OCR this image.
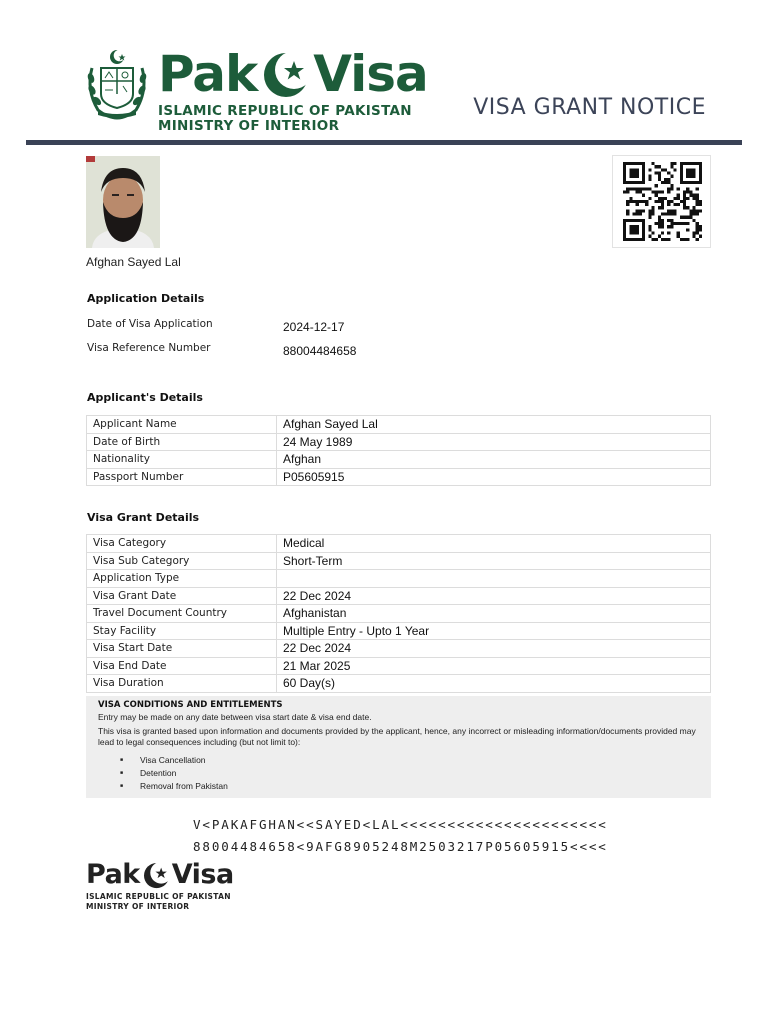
Pak Visa
ISLAMIC REPUBLIC OF PAKISTAN
MINISTRY OF INTERIOR
VISA GRANT NOTICE
Afghan Sayed Lal
Application Details
Date of Visa Application	2024-12-17
Visa Reference Number	88004484658
Applicant's Details
Applicant Name	Afghan Sayed Lal
Date of Birth	24 May 1989
Nationality	Afghan
Passport Number	P05605915
Visa Grant Details
Visa Category	Medical
Visa Sub Category	Short-Term
Application Type	
Visa Grant Date	22 Dec 2024
Travel Document Country	Afghanistan
Stay Facility	Multiple Entry - Upto 1 Year
Visa Start Date	22 Dec 2024
Visa End Date	21 Mar 2025
Visa Duration	60 Day(s)
VISA CONDITIONS AND ENTITLEMENTS

Entry may be made on any date between visa start date & visa end date.

This visa is granted based upon information and documents provided by the applicant, hence, any incorrect or misleading information/documents provided may lead to legal consequences including (but not limit to):

■ Visa Cancellation
■ Detention
■ Removal from Pakistan
V<PAKAFGHAN<<SAYED<LAL<<<<<<<<<<<<<<<<<<<<<<
88004484658<9AFG8905248M2503217P05605915<<<<
Pak Visa
ISLAMIC REPUBLIC OF PAKISTAN
MINISTRY OF INTERIOR
